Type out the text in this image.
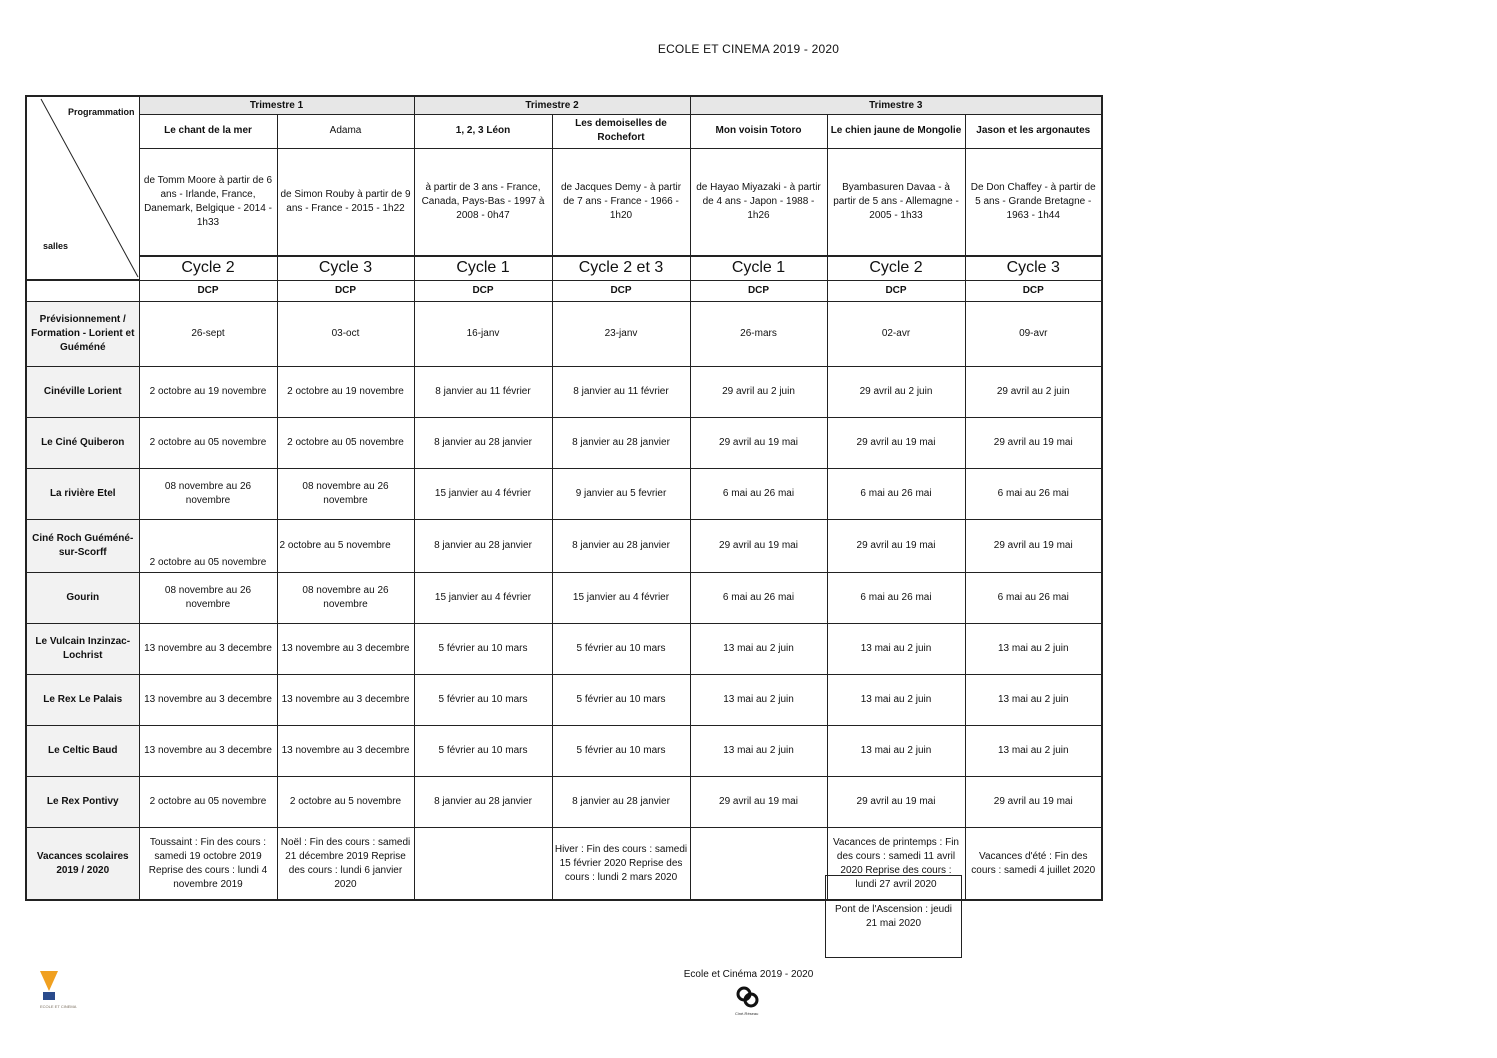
ECOLE ET CINEMA 2019 - 2020
Programmation
salles	Trimestre 1		Trimestre 2		Trimestre 3		
	Le chant de la mer	Adama	1, 2, 3 Léon	Les demoiselles de Rochefort	Mon voisin Totoro	Le chien jaune de Mongolie	Jason et les argonautes
	de Tomm Moore à partir de 6 ans - Irlande, France, Danemark, Belgique - 2014 - 1h33	de Simon Rouby à partir de 9 ans - France - 2015 - 1h22	à partir de 3 ans - France, Canada, Pays-Bas - 1997 à 2008 - 0h47	de Jacques Demy - à partir de 7 ans - France - 1966 - 1h20	de Hayao Miyazaki - à partir de 4 ans - Japon - 1988 - 1h26	Byambasuren Davaa - à partir de 5 ans - Allemagne - 2005 - 1h33	De Don Chaffey - à partir de 5 ans - Grande Bretagne - 1963 - 1h44
	Cycle 2	Cycle 3	Cycle 1	Cycle 2 et 3	Cycle 1	Cycle 2	Cycle 3
	DCP	DCP	DCP	DCP	DCP	DCP	DCP
Prévisionnement / Formation - Lorient et Guéméné	26-sept	03-oct	16-janv	23-janv	26-mars	02-avr	09-avr
Cinéville Lorient	2 octobre au 19 novembre	2 octobre au 19 novembre	8 janvier au 11 février	8 janvier au 11 février	29 avril au 2 juin	29 avril au 2 juin	29 avril au 2 juin
Le Ciné Quiberon	2 octobre au 05 novembre	2 octobre au 05 novembre	8 janvier au 28 janvier	8 janvier au 28 janvier	29 avril au 19 mai	29 avril au 19 mai	29 avril au 19 mai
La rivière Etel	08 novembre au 26 novembre	08 novembre au 26 novembre	15 janvier au 4 février	9 janvier au 5 fevrier	6 mai au 26 mai	6 mai au 26 mai	6 mai au 26 mai
Ciné Roch Guéméné-sur-Scorff	2 octobre au 05 novembre	2 octobre au 5 novembre	8 janvier au 28 janvier	8 janvier au 28 janvier	29 avril au 19 mai	29 avril au 19 mai	29 avril au 19 mai
Gourin	08 novembre au 26 novembre	08 novembre au 26 novembre	15 janvier au 4 février	15 janvier au 4 février	6 mai au 26 mai	6 mai au 26 mai	6 mai au 26 mai
Le Vulcain Inzinzac-Lochrist	13 novembre au 3 decembre	13 novembre au 3 decembre	5 février au 10 mars	5 février au 10 mars	13 mai au 2 juin	13 mai au 2 juin	13 mai au 2 juin
Le Rex Le Palais	13 novembre au 3 decembre	13 novembre au 3 decembre	5 février au 10 mars	5 février au 10 mars	13 mai au 2 juin	13 mai au 2 juin	13 mai au 2 juin
Le Celtic Baud	13 novembre au 3 decembre	13 novembre au 3 decembre	5 février au 10 mars	5 février au 10 mars	13 mai au 2 juin	13 mai au 2 juin	13 mai au 2 juin
Le Rex Pontivy	2 octobre au 05 novembre	2 octobre au 5 novembre	8 janvier au 28 janvier	8 janvier au 28 janvier	29 avril au 19 mai	29 avril au 19 mai	29 avril au 19 mai
Vacances scolaires 2019 / 2020	Toussaint : Fin des cours : samedi 19 octobre 2019 Reprise des cours : lundi 4 novembre 2019	Noël : Fin des cours : samedi 21 décembre 2019 Reprise des cours : lundi 6 janvier 2020		Hiver : Fin des cours : samedi 15 février 2020 Reprise des cours : lundi 2 mars 2020		Vacances de printemps : Fin des cours : samedi 11 avril 2020 Reprise des cours : lundi 27 avril 2020	Vacances d'été : Fin des cours : samedi 4 juillet 2020
Pont de l'Ascension : jeudi 21 mai 2020
Ecole et Cinéma 2019 - 2020
ECOLE ET CINEMA
Ciné-Réseau
